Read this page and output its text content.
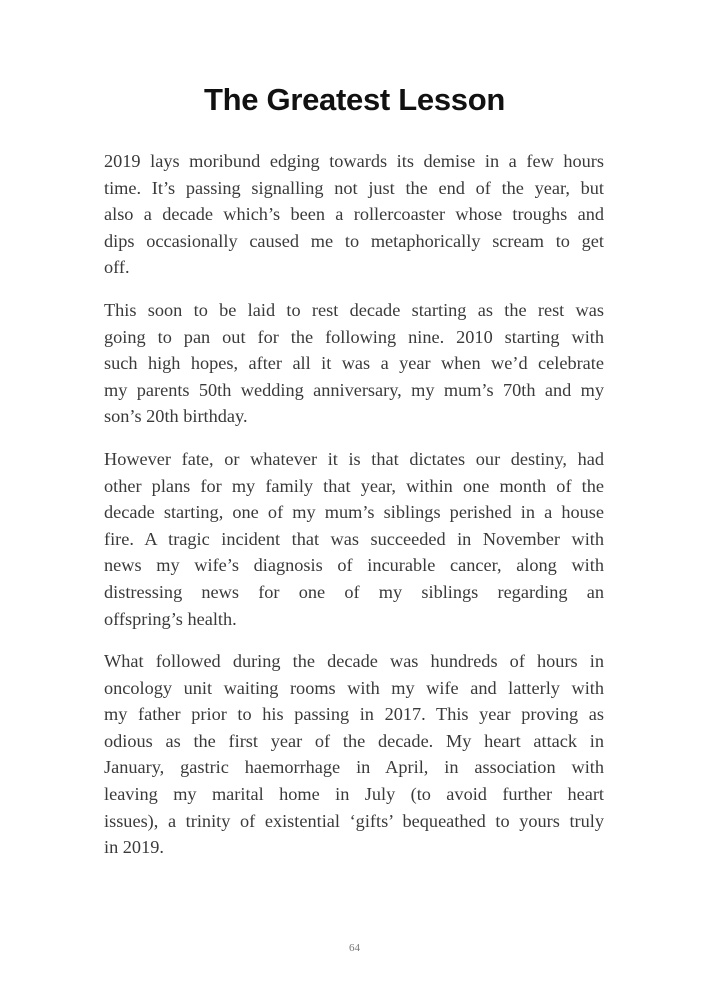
The Greatest Lesson
2019 lays moribund edging towards its demise in a few hours
time. It’s passing signalling not just the end of the year, but
also a decade which’s been a rollercoaster whose troughs and
dips occasionally caused me to metaphorically scream to get
off.
This soon to be laid to rest decade starting as the rest was
going to pan out for the following nine. 2010 starting with
such high hopes, after all it was a year when we’d celebrate
my parents 50th wedding anniversary, my mum’s 70th and my
son’s 20th birthday.
However fate, or whatever it is that dictates our destiny, had
other plans for my family that year, within one month of the
decade starting, one of my mum’s siblings perished in a house
fire. A tragic incident that was succeeded in November with
news my wife’s diagnosis of incurable cancer, along with
distressing news for one of my siblings regarding an
offspring’s health.
What followed during the decade was hundreds of hours in
oncology unit waiting rooms with my wife and latterly with
my father prior to his passing in 2017. This year proving as
odious as the first year of the decade. My heart attack in
January, gastric haemorrhage in April, in association with
leaving my marital home in July (to avoid further heart
issues), a trinity of existential ‘gifts’ bequeathed to yours truly
in 2019.
64
